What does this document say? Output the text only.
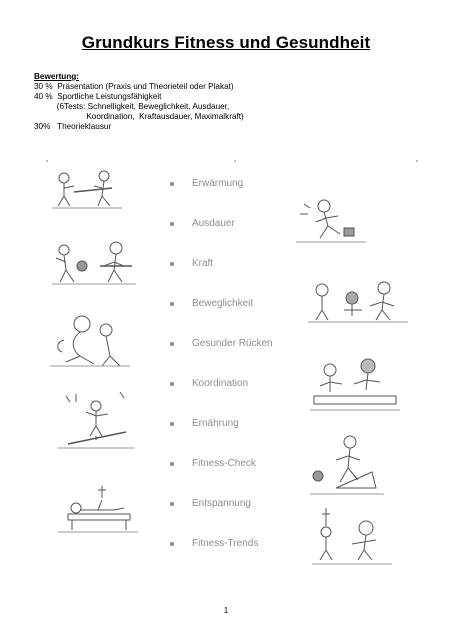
Grundkurs Fitness und Gesundheit
Bewertung:
30 %  Präsentation (Praxis und Theorieteil oder Plakat)
40 %  Sportliche Leistungsfähigkeit
(6Tests: Schnelligkeit, Beweglichkeit, Ausdauer,
Koordination,  Kraftausdauer, Maximalkraft)
30%   Theorieklausur
Erwärmung
Ausdauer
Kraft
Beweglichkeit
Gesunder Rücken
Koordination
Ernährung
Fitness-Check
Entspannung
Fitness-Trends
1
